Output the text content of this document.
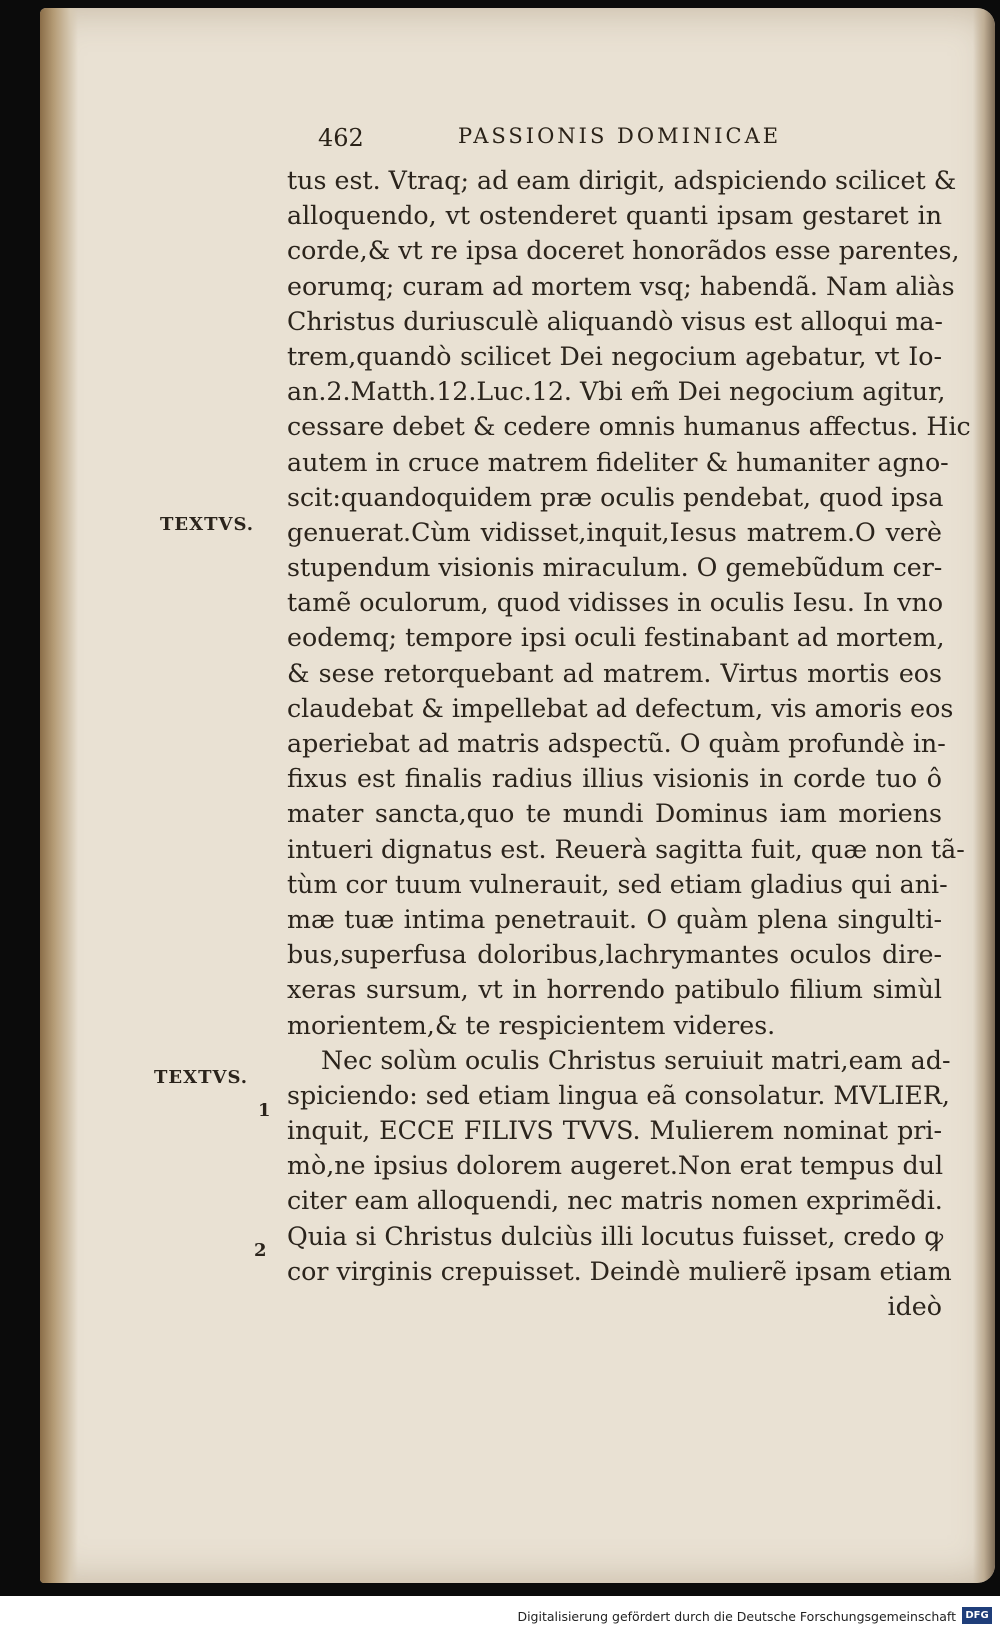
462	PASSIONIS DOMINICAE
tus est. Vtraq; ad eam dirigit, adspiciendo scilicet &
alloquendo, vt ostenderet quanti ipsam gestaret in
corde,& vt re ipsa doceret honorãdos esse parentes,
eorumq; curam ad mortem vsq; habendã. Nam aliàs
Christus duriusculè aliquandò visus est alloqui ma-
trem,quandò scilicet Dei negocium agebatur, vt Io-
an.2.Matth.12.Luc.12. Vbi em̃ Dei negocium agitur,
cessare debet & cedere omnis humanus affectus. Hic
autem in cruce matrem fideliter & humaniter agno-
scit:quandoquidem præ oculis pendebat, quod ipsa
genuerat.Cùm vidisset,inquit,Iesus matrem.O verè
stupendum visionis miraculum. O gemebũdum cer-
tamẽ oculorum, quod vidisses in oculis Iesu. In vno
eodemq; tempore ipsi oculi festinabant ad mortem,
& sese retorquebant ad matrem. Virtus mortis eos
claudebat & impellebat ad defectum, vis amoris eos
aperiebat ad matris adspectũ. O quàm profundè in-
fixus est finalis radius illius visionis in corde tuo ô
mater sancta,quo te mundi Dominus iam moriens
intueri dignatus est. Reuerà sagitta fuit, quæ non tã-
tùm cor tuum vulnerauit, sed etiam gladius qui ani-
mæ tuæ intima penetrauit. O quàm plena singulti-
bus,superfusa doloribus,lachrymantes oculos dire-
xeras sursum, vt in horrendo patibulo filium simùl
morientem,& te respicientem videres.
Nec solùm oculis Christus seruiuit matri,eam ad-
spiciendo: sed etiam lingua eã consolatur. MVLIER,
inquit, ECCE FILIVS TVVS. Mulierem nominat pri-
mò,ne ipsius dolorem augeret.Non erat tempus dul
citer eam alloquendi, nec matris nomen exprimẽdi.
Quia si Christus dulciùs illi locutus fuisset, credo ꝙ
cor virginis crepuisset. Deindè mulierẽ ipsam etiam
ideò
TEXTVS.
TEXTVS.
1
2
Digitalisierung gefördert durch die Deutsche Forschungsgemeinschaft DFG
